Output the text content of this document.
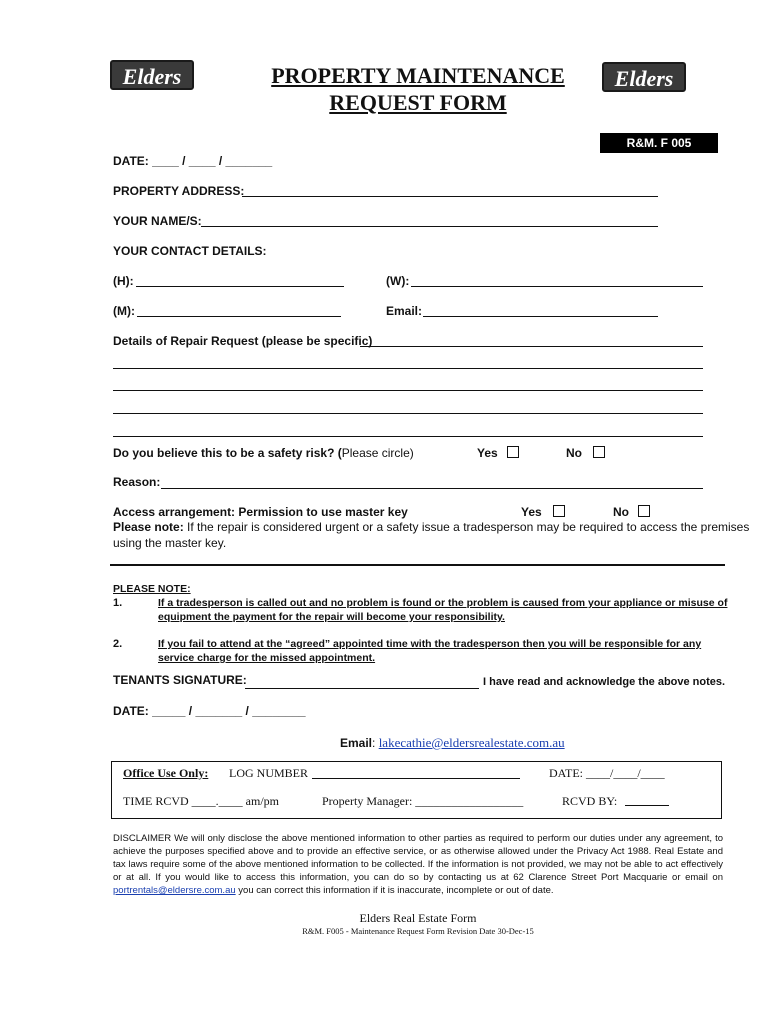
Elders	Elders
PROPERTY MAINTENANCE
REQUEST FORM
R&M. F 005
DATE: ____ / ____ / _______
PROPERTY ADDRESS:
YOUR NAME/S:
YOUR CONTACT DETAILS:
(H):	(W):
(M):	Email:
Details of Repair Request (please be specific)
Do you believe this to be a safety risk? (Please circle)	Yes	No
Reason:
Access arrangement: Permission to use master key	Yes	No
Please note: If the repair is considered urgent or a safety issue a tradesperson may be required to access the premises
using the master key.
PLEASE NOTE:
1.	If a tradesperson is called out and no problem is found or the problem is caused from your appliance or misuse of
equipment the payment for the repair will become your responsibility.
2.	If you fail to attend at the “agreed” appointed time with the tradesperson then you will be responsible for any
service charge for the missed appointment.
TENANTS SIGNATURE:	I have read and acknowledge the above notes.
DATE: _____ / _______ / ________
Email: lakecathie@eldersrealestate.com.au
Office Use Only: LOG NUMBER	DATE: ____/____/____
TIME RCVD ____.____ am/pm	Property Manager: __________________	RCVD BY:
DISCLAIMER We will only disclose the above mentioned information to other parties as required to perform our duties under any agreement, to achieve the purposes specified above and to provide an effective service, or as otherwise allowed under the Privacy Act 1988. Real Estate and tax laws require some of the above mentioned information to be collected. If the information is not provided, we may not be able to act effectively or at all. If you would like to access this information, you can do so by contacting us at 62 Clarence Street Port Macquarie or email on portrentals@eldersre.com.au you can correct this information if it is inaccurate, incomplete or out of date.
Elders Real Estate Form
R&M. F005 - Maintenance Request Form Revision Date 30-Dec-15
